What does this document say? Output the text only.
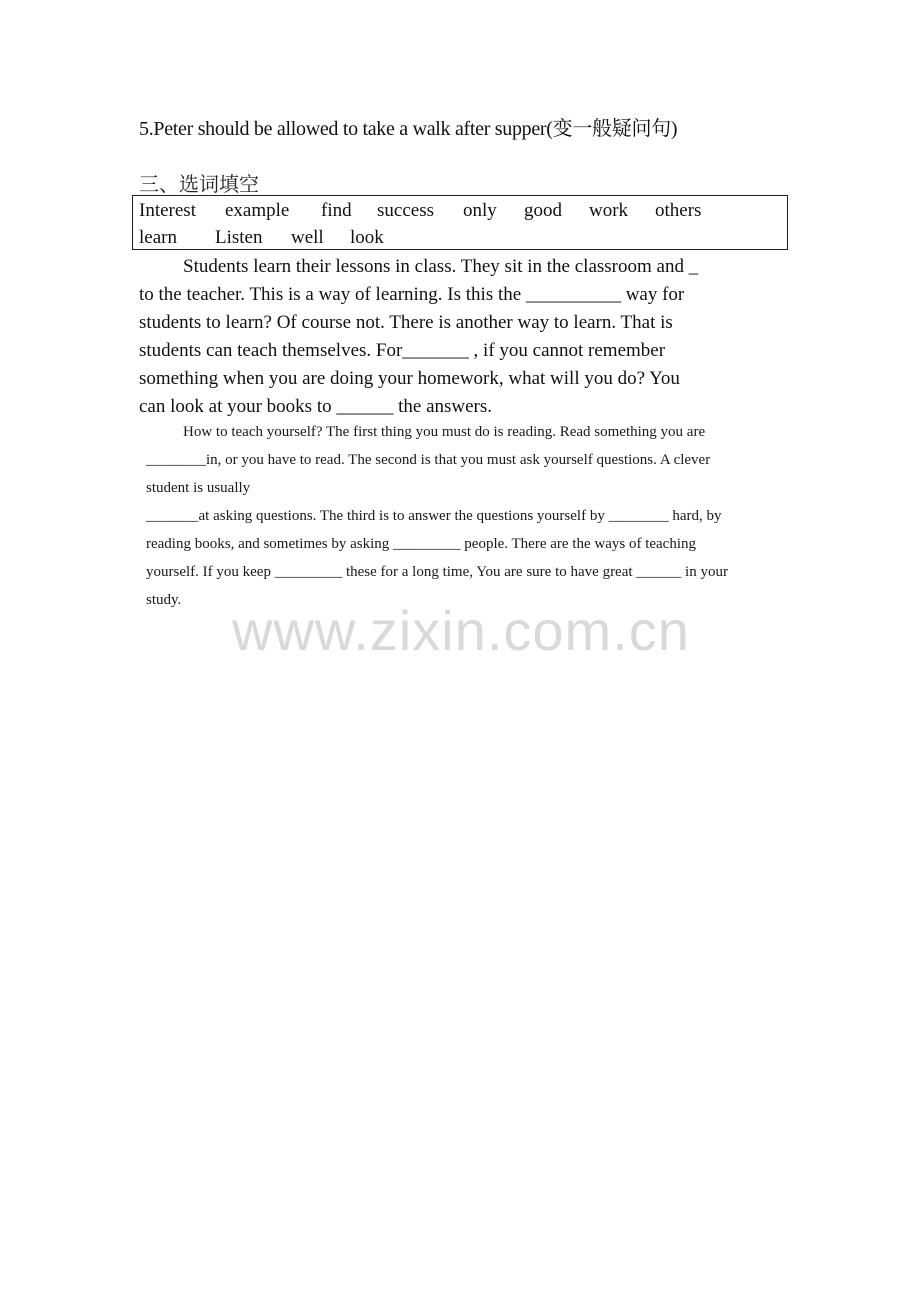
5.Peter should be allowed to take a walk after supper(变一般疑问句)
三、选词填空
Interest example find success only good work others
learn Listen well look
Students learn their lessons in class. They sit in the classroom and _
to the teacher. This is a way of learning. Is this the __________ way for
students to learn? Of course not. There is another way to learn. That is
students can teach themselves. For_______ , if you cannot remember
something when you are doing your homework, what will you do? You
can look at your books to ______ the answers.
How to teach yourself? The first thing you must do is reading. Read something you are
________in, or you have to read. The second is that you must ask yourself questions. A clever
student is usually
_______at asking questions. The third is to answer the questions yourself by ________ hard, by
reading books, and sometimes by asking _________ people. There are the ways of teaching
yourself. If you keep _________ these for a long time, You are sure to have great ______ in your
study. www.zixin.com.cn
